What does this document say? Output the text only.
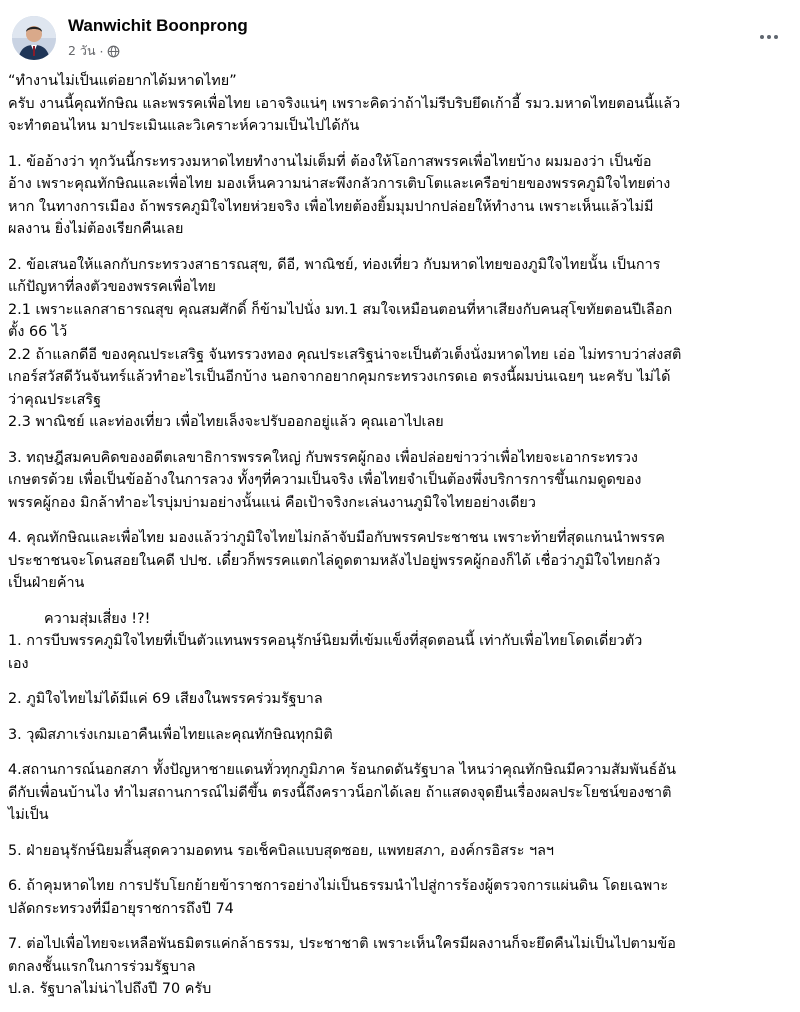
Wanwichit Boonprong
2 วัน ·

“ทำงานไม่เป็นแต่อยากได้มหาดไทย”

ครับ งานนี้คุณทักษิณ และพรรคเพื่อไทย เอาจริงแน่ๆ เพราะคิดว่าถ้าไม่รีบริบยึดเก้าอี้ รมว.มหาดไทยตอนนี้แล้ว

จะทำตอนไหน มาประเมินและวิเคราะห์ความเป็นไปได้กัน

1. ข้ออ้างว่า ทุกวันนี้กระทรวงมหาดไทยทำงานไม่เต็มที่ ต้องให้โอกาสพรรคเพื่อไทยบ้าง ผมมองว่า เป็นข้อ

อ้าง เพราะคุณทักษิณและเพื่อไทย มองเห็นความน่าสะพึงกลัวการเติบโตและเครือข่ายของพรรคภูมิใจไทยต่าง

หาก ในทางการเมือง ถ้าพรรคภูมิใจไทยห่วยจริง เพื่อไทยต้องยิ้มมุมปากปล่อยให้ทำงาน เพราะเห็นแล้วไม่มี

ผลงาน ยิ่งไม่ต้องเรียกคืนเลย

2. ข้อเสนอให้แลกกับกระทรวงสาธารณสุข, ดีอี, พาณิชย์, ท่องเที่ยว กับมหาดไทยของภูมิใจไทยนั้น เป็นการ

แก้ปัญหาที่ลงตัวของพรรคเพื่อไทย

2.1 เพราะแลกสาธารณสุข คุณสมศักดิ์ ก็ข้ามไปนั่ง มท.1 สมใจเหมือนตอนที่หาเสียงกับคนสุโขทัยตอนปีเลือก

ตั้ง 66 ไว้

2.2 ถ้าแลกดีอี ของคุณประเสริฐ จันทรรวงทอง คุณประเสริฐน่าจะเป็นตัวเต็งนั่งมหาดไทย เอ่อ ไม่ทราบว่าส่งสติ

เกอร์สวัสดีวันจันทร์แล้วทำอะไรเป็นอีกบ้าง นอกจากอยากคุมกระทรวงเกรดเอ ตรงนี้ผมบ่นเฉยๆ นะครับ ไม่ได้

ว่าคุณประเสริฐ

2.3 พาณิชย์ และท่องเที่ยว เพื่อไทยเล็งจะปรับออกอยู่แล้ว คุณเอาไปเลย

3. ทฤษฎีสมคบคิดของอดีตเลขาธิการพรรคใหญ่ กับพรรคผู้กอง เพื่อปล่อยข่าวว่าเพื่อไทยจะเอากระทรวง

เกษตรด้วย เพื่อเป็นข้ออ้างในการลวง ทั้งๆที่ความเป็นจริง เพื่อไทยจำเป็นต้องพึ่งบริการการขึ้นเกมดูดของ

พรรคผู้กอง มิกล้าทำอะไรบุ่มบ่ามอย่างนั้นแน่ คือเป้าจริงกะเล่นงานภูมิใจไทยอย่างเดียว

4. คุณทักษิณและเพื่อไทย มองแล้วว่าภูมิใจไทยไม่กล้าจับมือกับพรรคประชาชน เพราะท้ายที่สุดแกนนำพรรค

ประชาชนจะโดนสอยในคดี ปปช. เดี๋ยวก็พรรคแตกไล่ดูดตามหลังไปอยู่พรรคผู้กองก็ได้ เชื่อว่าภูมิใจไทยกลัว

เป็นฝ่ายค้าน

ความสุ่มเสี่ยง !?!

1. การบีบพรรคภูมิใจไทยที่เป็นตัวแทนพรรคอนุรักษ์นิยมที่เข้มแข็งที่สุดตอนนี้ เท่ากับเพื่อไทยโดดเดี่ยวตัว

เอง

2. ภูมิใจไทยไม่ได้มีแค่ 69 เสียงในพรรคร่วมรัฐบาล

3. วุฒิสภาเร่งเกมเอาคืนเพื่อไทยและคุณทักษิณทุกมิติ

4.สถานการณ์นอกสภา ทั้งปัญหาชายแดนทั่วทุกภูมิภาค ร้อนกดดันรัฐบาล ไหนว่าคุณทักษิณมีความสัมพันธ์อัน

ดีกับเพื่อนบ้านไง ทำไมสถานการณ์ไม่ดีขึ้น ตรงนี้ถึงคราวน็อกได้เลย ถ้าแสดงจุดยืนเรื่องผลประโยชน์ของชาติ

ไม่เป็น

5. ฝ่ายอนุรักษ์นิยมสิ้นสุดความอดทน รอเช็คบิลแบบสุดซอย, แพทยสภา, องค์กรอิสระ ฯลฯ

6. ถ้าคุมหาดไทย การปรับโยกย้ายข้าราชการอย่างไม่เป็นธรรมนำไปสู่การร้องผู้ตรวจการแผ่นดิน โดยเฉพาะ

ปลัดกระทรวงที่มีอายุราชการถึงปี 74

7. ต่อไปเพื่อไทยจะเหลือพันธมิตรแค่กล้าธรรม, ประชาชาติ เพราะเห็นใครมีผลงานก็จะยึดคืนไม่เป็นไปตามข้อ

ตกลงชั้นแรกในการร่วมรัฐบาล

ป.ล. รัฐบาลไม่น่าไปถึงปี 70 ครับ
